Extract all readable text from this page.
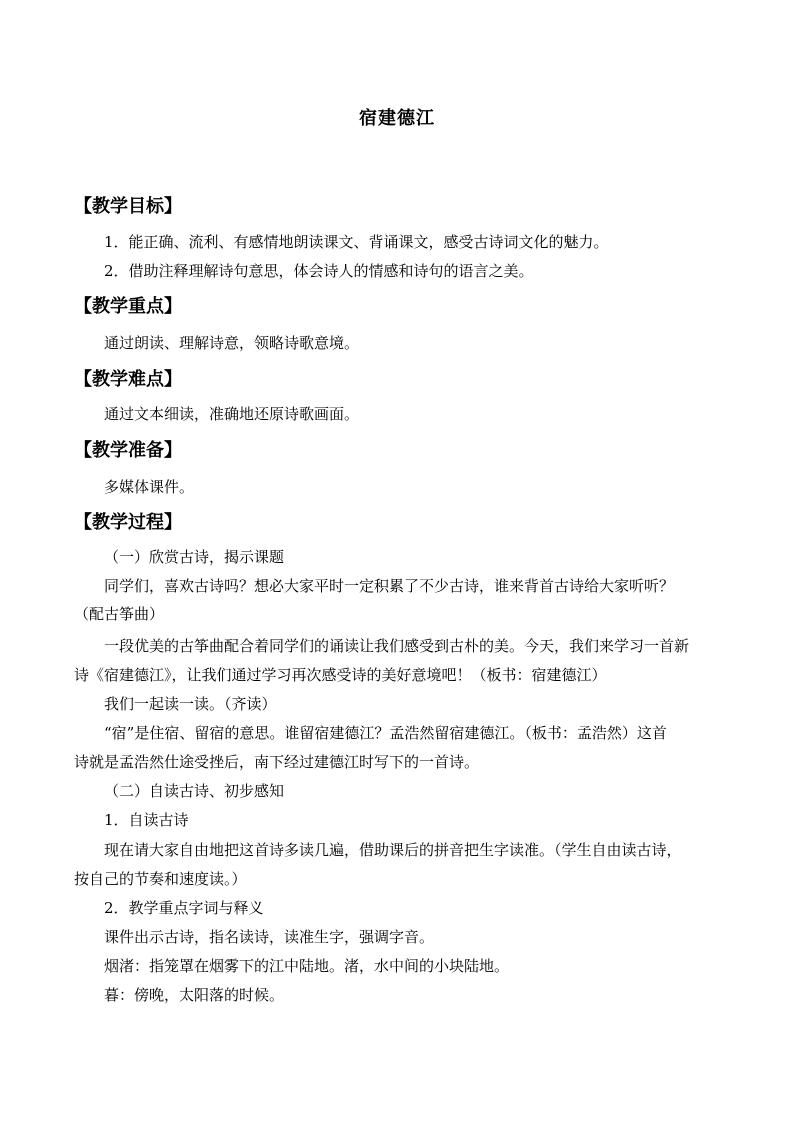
宿建德江
【教学目标】
1．能正确、流利、有感情地朗读课文、背诵课文，感受古诗词文化的魅力。
2．借助注释理解诗句意思，体会诗人的情感和诗句的语言之美。
【教学重点】
通过朗读、理解诗意，领略诗歌意境。
【教学难点】
通过文本细读，准确地还原诗歌画面。
【教学准备】
多媒体课件。
【教学过程】
（一）欣赏古诗，揭示课题
同学们，喜欢古诗吗？想必大家平时一定积累了不少古诗，谁来背首古诗给大家听听？
（配古筝曲）
一段优美的古筝曲配合着同学们的诵读让我们感受到古朴的美。今天，我们来学习一首新
诗《宿建德江》，让我们通过学习再次感受诗的美好意境吧！（板书：宿建德江）
我们一起读一读。（齐读）
“宿”是住宿、留宿的意思。谁留宿建德江？孟浩然留宿建德江。（板书：孟浩然）这首
诗就是孟浩然仕途受挫后，南下经过建德江时写下的一首诗。
（二）自读古诗、初步感知
1．自读古诗
现在请大家自由地把这首诗多读几遍，借助课后的拼音把生字读准。（学生自由读古诗，
按自己的节奏和速度读。）
2．教学重点字词与释义
课件出示古诗，指名读诗，读准生字，强调字音。
烟渚：指笼罩在烟雾下的江中陆地。渚，水中间的小块陆地。
暮：傍晚，太阳落的时候。
